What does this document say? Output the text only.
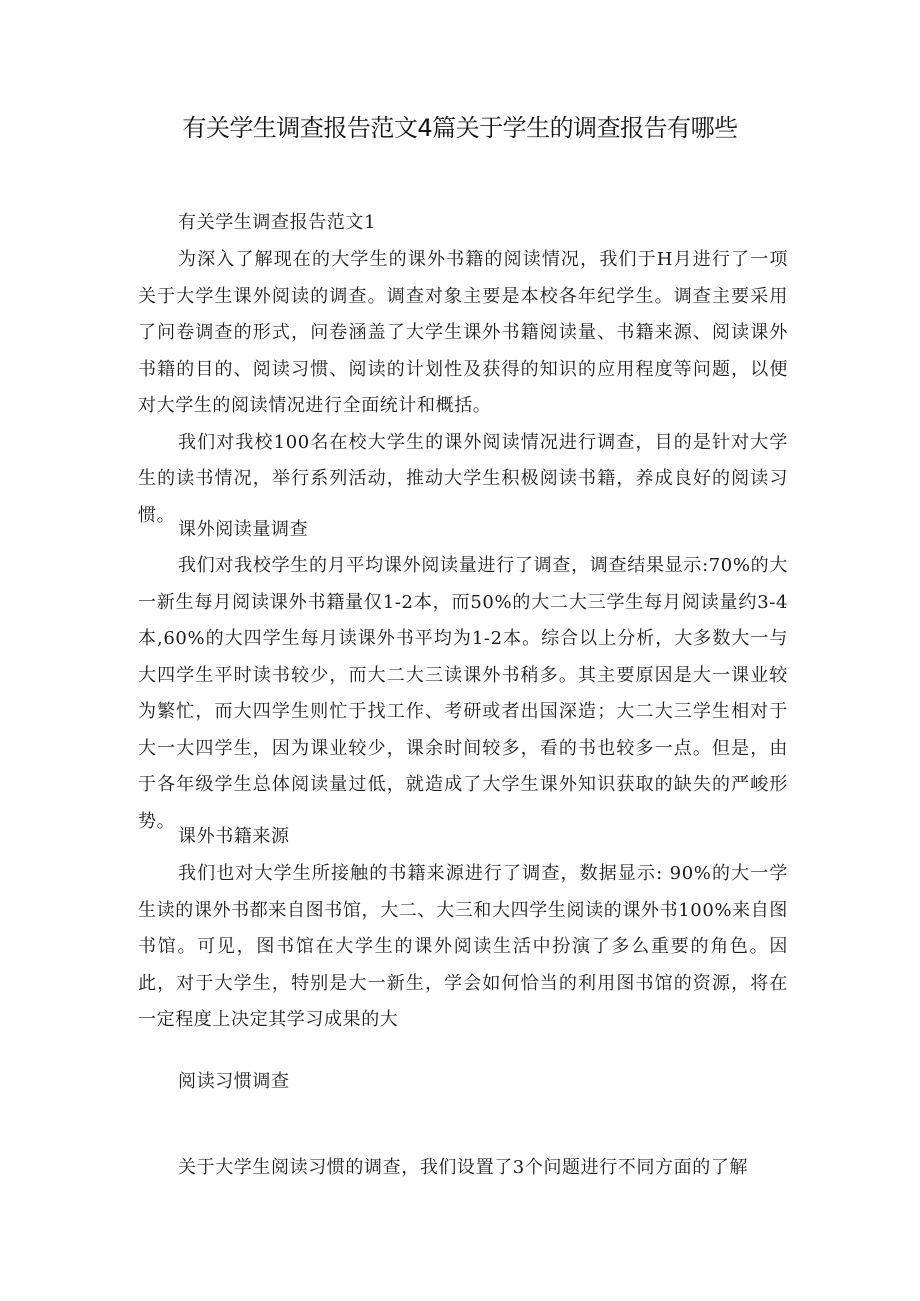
有关学生调查报告范文4篇关于学生的调查报告有哪些
有关学生调查报告范文1

为深入了解现在的大学生的课外书籍的阅读情况，我们于H月进行了一项关于大学生课外阅读的调查。调查对象主要是本校各年纪学生。调查主要采用了问卷调查的形式，问卷涵盖了大学生课外书籍阅读量、书籍来源、阅读课外书籍的目的、阅读习惯、阅读的计划性及获得的知识的应用程度等问题，以便对大学生的阅读情况进行全面统计和概括。

我们对我校100名在校大学生的课外阅读情况进行调查，目的是针对大学生的读书情况，举行系列活动，推动大学生积极阅读书籍，养成良好的阅读习惯。

课外阅读量调查

我们对我校学生的月平均课外阅读量进行了调查，调查结果显示:70%的大一新生每月阅读课外书籍量仅1-2本，而50%的大二大三学生每月阅读量约3-4本,60%的大四学生每月读课外书平均为1-2本。综合以上分析，大多数大一与大四学生平时读书较少，而大二大三读课外书稍多。其主要原因是大一课业较为繁忙，而大四学生则忙于找工作、考研或者出国深造；大二大三学生相对于大一大四学生，因为课业较少，课余时间较多，看的书也较多一点。但是，由于各年级学生总体阅读量过低，就造成了大学生课外知识获取的缺失的严峻形势。

课外书籍来源

我们也对大学生所接触的书籍来源进行了调查，数据显示: 90%的大一学生读的课外书都来自图书馆，大二、大三和大四学生阅读的课外书100%来自图书馆。可见，图书馆在大学生的课外阅读生活中扮演了多么重要的角色。因此，对于大学生，特别是大一新生，学会如何恰当的利用图书馆的资源，将在一定程度上决定其学习成果的大

阅读习惯调查

关于大学生阅读习惯的调查，我们设置了3个问题进行不同方面的了解
